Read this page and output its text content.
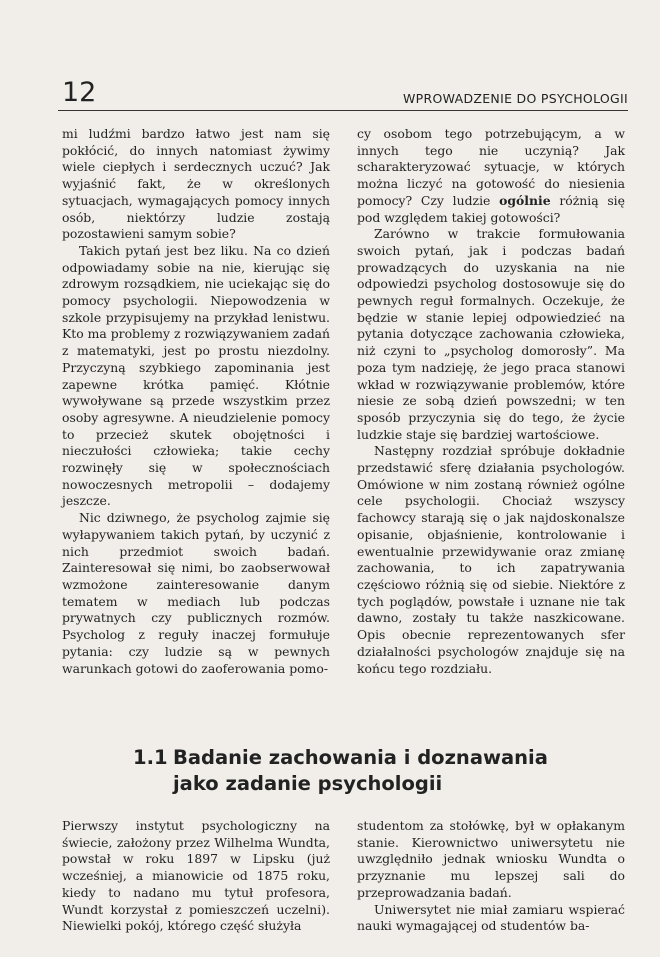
12	WPROWADZENIE DO PSYCHOLOGII

mi ludźmi bardzo łatwo jest nam się pokłócić, do innych natomiast żywimy wiele ciepłych i serdecznych uczuć? Jak wyjaśnić fakt, że w określonych sytuacjach, wymagających pomocy innych osób, niektórzy ludzie zostają pozostawieni samym sobie?

Takich pytań jest bez liku. Na co dzień odpowiadamy sobie na nie, kierując się zdrowym rozsądkiem, nie uciekając się do pomocy psychologii. Niepowodzenia w szkole przypisujemy na przykład lenistwu. Kto ma problemy z rozwiązywaniem zadań z matematyki, jest po prostu niezdolny. Przyczyną szybkiego zapominania jest zapewne krótka pamięć. Kłótnie wywoływane są przede wszystkim przez osoby agresywne. A nieudzielenie pomocy to przecież skutek obojętności i nieczułości człowieka; takie cechy rozwinęły się w społecznościach nowoczesnych metropolii – dodajemy jeszcze.

Nic dziwnego, że psycholog zajmie się wyłapywaniem takich pytań, by uczynić z nich przedmiot swoich badań. Zainteresował się nimi, bo zaobserwował wzmożone zainteresowanie danym tematem w mediach lub podczas prywatnych czy publicznych rozmów. Psycholog z reguły inaczej formułuje pytania: czy ludzie są w pewnych warunkach gotowi do zaoferowania pomo-

cy osobom tego potrzebującym, a w innych tego nie uczynią? Jak scharakteryzować sytuacje, w których można liczyć na gotowość do niesienia pomocy? Czy ludzie ogólnie różnią się pod względem takiej gotowości?

Zarówno w trakcie formułowania swoich pytań, jak i podczas badań prowadzących do uzyskania na nie odpowiedzi psycholog dostosowuje się do pewnych reguł formalnych. Oczekuje, że będzie w stanie lepiej odpowiedzieć na pytania dotyczące zachowania człowieka, niż czyni to „psycholog domorosły”. Ma poza tym nadzieję, że jego praca stanowi wkład w rozwiązywanie problemów, które niesie ze sobą dzień powszedni; w ten sposób przyczynia się do tego, że życie ludzkie staje się bardziej wartościowe.

Następny rozdział spróbuje dokładnie przedstawić sferę działania psychologów. Omówione w nim zostaną również ogólne cele psychologii. Chociaż wszyscy fachowcy starają się o jak najdoskonalsze opisanie, objaśnienie, kontrolowanie i ewentualnie przewidywanie oraz zmianę zachowania, to ich zapatrywania częściowo różnią się od siebie. Niektóre z tych poglądów, powstałe i uznane nie tak dawno, zostały tu także naszkicowane. Opis obecnie reprezentowanych sfer działalności psychologów znajduje się na końcu tego rozdziału.

1.1 Badanie zachowania i doznawania
jako zadanie psychologii

Pierwszy instytut psychologiczny na świecie, założony przez Wilhelma Wundta, powstał w roku 1897 w Lipsku (już wcześniej, a mianowicie od 1875 roku, kiedy to nadano mu tytuł profesora, Wundt korzystał z pomieszczeń uczelni). Niewielki pokój, którego część służyła

studentom za stołówkę, był w opłakanym stanie. Kierownictwo uniwersytetu nie uwzględniło jednak wniosku Wundta o przyznanie mu lepszej sali do przeprowadzania badań.

Uniwersytet nie miał zamiaru wspierać nauki wymagającej od studentów ba-
